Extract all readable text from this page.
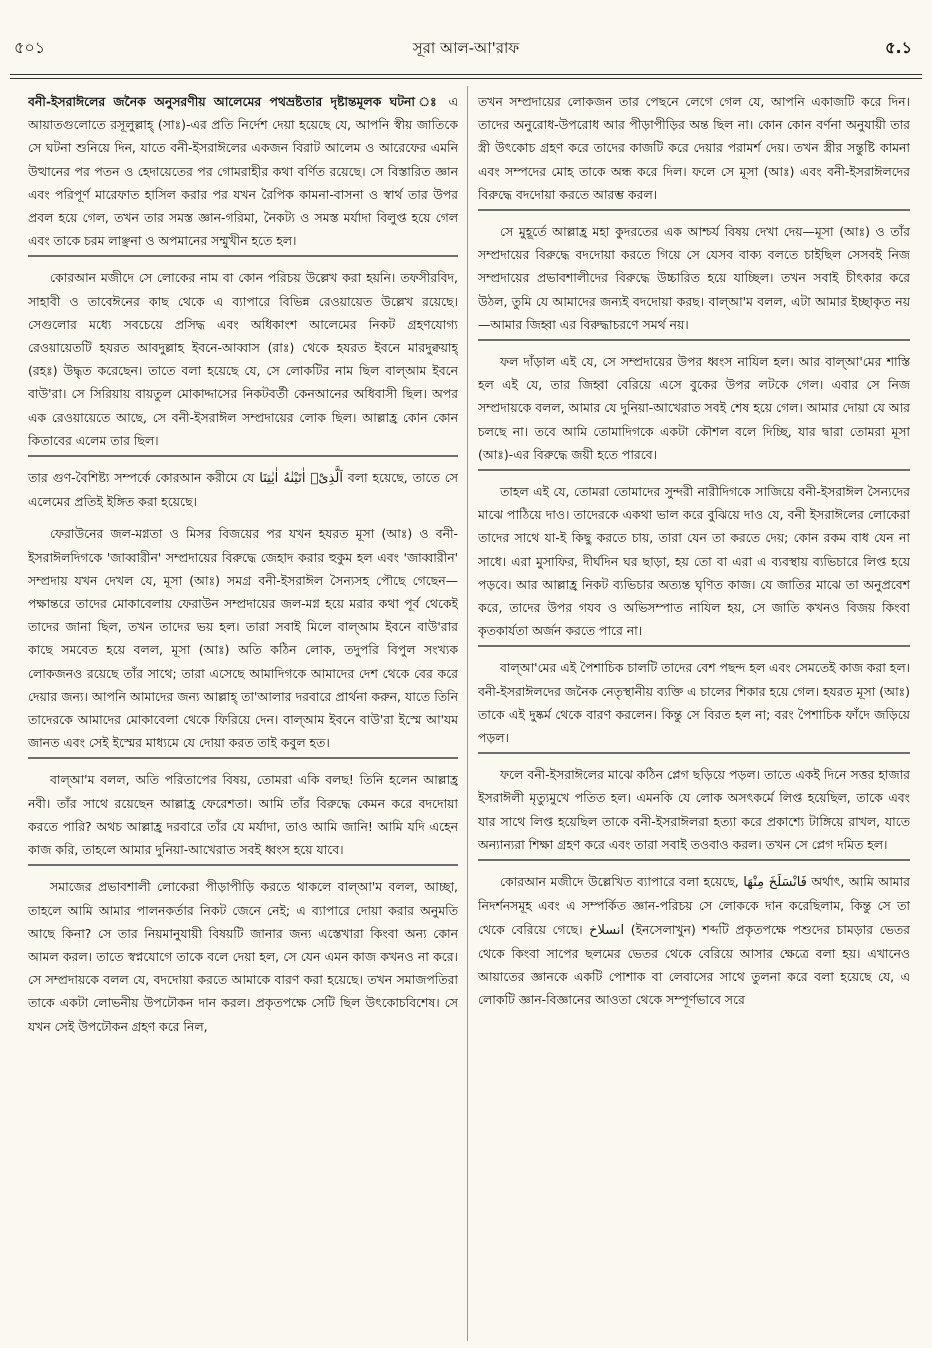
৫০১	সূরা আল-আ'রাফ	৫.১

বনী-ইসরাঈলের জনৈক অনুসরণীয় আলেমের পথভ্রষ্টতার দৃষ্টান্তমূলক ঘটনা ঃ এ আয়াতগুলোতে রসূলুল্লাহ্ (সাঃ)-এর প্রতি নির্দেশ দেয়া হয়েছে যে, আপনি স্বীয় জাতিকে সে ঘটনা শুনিয়ে দিন, যাতে বনী-ইসরাঈলের একজন বিরাট আলেম ও আরেফের এমনি উত্থানের পর পতন ও হেদায়েতের পর গোমরাহীর কথা বর্ণিত রয়েছে। সে বিস্তারিত জ্ঞান এবং পরিপূর্ণ মারেফাত হাসিল করার পর যখন রৈপিক কামনা-বাসনা ও স্বার্থ তার উপর প্রবল হয়ে গেল, তখন তার সমস্ত জ্ঞান-গরিমা, নৈকট্য ও সমস্ত মর্যাদা বিলুপ্ত হয়ে গেল এবং তাকে চরম লাঞ্ছনা ও অপমানের সম্মুখীন হতে হল।

কোরআন মজীদে সে লোকের নাম বা কোন পরিচয় উল্লেখ করা হয়নি। তফসীরবিদ, সাহাবী ও তাবেঈনের কাছ থেকে এ ব্যাপারে বিভিন্ন রেওয়ায়েত উল্লেখ রয়েছে। সেগুলোর মধ্যে সবচেয়ে প্রসিদ্ধ এবং অধিকাংশ আলেমের নিকট গ্রহণযোগ্য রেওয়ায়েতটি হযরত আবদুল্লাহ ইবনে-আব্বাস (রাঃ) থেকে হযরত ইবনে মারদুক্বয়াহ্ (রহঃ) উদ্ধৃত করেছেন। তাতে বলা হয়েছে যে, সে লোকটির নাম ছিল বাল্আম ইবনে বাউ'রা। সে সিরিয়ায় বায়তুল মোকাদ্দাসের নিকটবর্তী কেনআনের অধিবাসী ছিল। অপর এক রেওয়ায়েতে আছে, সে বনী-ইসরাঈল সম্প্রদায়ের লোক ছিল। আল্লাহ্র কোন কোন কিতাবের এলেম তার ছিল।

তার গুণ-বৈশিষ্ট্য সম্পর্কে কোরআন করীমে যে اَلَّذِیْۤ اٰتَیْنٰهُ اٰیٰتِنَا বলা হয়েছে, তাতে সে এলেমের প্রতিই ইঙ্গিত করা হয়েছে।

ফেরাউনের জল-মগ্নতা ও মিসর বিজয়ের পর যখন হযরত মূসা (আঃ) ও বনী-ইসরাঈলদিগকে 'জাব্বারীন' সম্প্রদায়ের বিরুদ্ধে জেহাদ করার হুকুম হল এবং 'জাব্বারীন' সম্প্রদায় যখন দেখল যে, মূসা (আঃ) সমগ্র বনী-ইসরাঈল সৈন্যসহ পৌছে গেছেন—পক্ষান্তরে তাদের মোকাবেলায় ফেরাউন সম্প্রদায়ের জল-মগ্ন হয়ে মরার কথা পূর্ব থেকেই তাদের জানা ছিল, তখন তাদের ভয় হল। তারা সবাই মিলে বাল্আম ইবনে বাউ'রার কাছে সমবেত হয়ে বলল, মূসা (আঃ) অতি কঠিন লোক, তদুপরি বিপুল সংখ্যক লোকজনও রয়েছে তাঁর সাথে; তারা এসেছে আমাদিগকে আমাদের দেশ থেকে বের করে দেয়ার জন্য। আপনি আমাদের জন্য আল্লাহ্ তা'আলার দরবারে প্রার্থনা করুন, যাতে তিনি তাদেরকে আমাদের মোকাবেলা থেকে ফিরিয়ে দেন। বাল্আম ইবনে বাউ'রা ইস্মে আ'যম জানত এবং সেই ইস্মের মাধ্যমে যে দোয়া করত তাই কবুল হত।

বাল্আ'ম বলল, অতি পরিতাপের বিষয়, তোমরা একি বলছ! তিনি হলেন আল্লাহ্র নবী। তাঁর সাথে রয়েছেন আল্লাহ্র ফেরেশতা। আমি তাঁর বিরুদ্ধে কেমন করে বদদোয়া করতে পারি? অথচ আল্লাহ্র দরবারে তাঁর যে মর্যাদা, তাও আমি জানি! আমি যদি এহেন কাজ করি, তাহলে আমার দুনিয়া-আখেরাত সবই ধ্বংস হয়ে যাবে।

সমাজের প্রভাবশালী লোকেরা পীড়াপীড়ি করতে থাকলে বাল্আ'ম বলল, আচ্ছা, তাহলে আমি আমার পালনকর্তার নিকট জেনে নেই; এ ব্যাপারে দোয়া করার অনুমতি আছে কিনা? সে তার নিয়মানুযায়ী বিষয়টি জানার জন্য এস্তেখারা কিংবা অন্য কোন আমল করল। তাতে স্বপ্নযোগে তাকে বলে দেয়া হল, সে যেন এমন কাজ কখনও না করে। সে সম্প্রদায়কে বলল যে, বদদোয়া করতে আমাকে বারণ করা হয়েছে। তখন সমাজপতিরা তাকে একটা লোভনীয় উপঢৌকন দান করল। প্রকৃতপক্ষে সেটি ছিল উৎকোচবিশেষ। সে যখন সেই উপঢৌকন গ্রহণ করে নিল,

তখন সম্প্রদায়ের লোকজন তার পেছনে লেগে গেল যে, আপনি একাজটি করে দিন। তাদের অনুরোধ-উপরোধ আর পীড়াপীড়ির অন্ত ছিল না। কোন কোন বর্ণনা অনুযায়ী তার স্ত্রী উৎকোচ গ্রহণ করে তাদের কাজটি করে দেয়ার পরামর্শ দেয়। তখন স্ত্রীর সন্তুষ্টি কামনা এবং সম্পদের মোহ তাকে অন্ধ করে দিল। ফলে সে মূসা (আঃ) এবং বনী-ইসরাঈলদের বিরুদ্ধে বদদোয়া করতে আরম্ভ করল।

সে মুহূর্তে আল্লাহ্র মহা কুদরতের এক আশ্চর্য বিষয় দেখা দেয়—মূসা (আঃ) ও তাঁর সম্প্রদায়ের বিরুদ্ধে বদদোয়া করতে গিয়ে সে যেসব বাক্য বলতে চাইছিল সেসবই নিজ সম্প্রদায়ের প্রভাবশালীদের বিরুদ্ধে উচ্চারিত হয়ে যাচ্ছিল। তখন সবাই চীৎকার করে উঠল, তুমি যে আমাদের জন্যই বদদোয়া করছ। বাল্আ'ম বলল, এটা আমার ইচ্ছাকৃত নয়—আমার জিহ্বা এর বিরুদ্ধাচরণে সমর্থ নয়।

ফল দাঁড়াল এই যে, সে সম্প্রদায়ের উপর ধ্বংস নাযিল হল। আর বাল্আ'মের শাস্তি হল এই যে, তার জিহ্বা বেরিয়ে এসে বুকের উপর লটকে গেল। এবার সে নিজ সম্প্রদায়কে বলল, আমার যে দুনিয়া-আখেরাত সবই শেষ হয়ে গেল। আমার দোয়া যে আর চলছে না। তবে আমি তোমাদিগকে একটা কৌশল বলে দিচ্ছি, যার দ্বারা তোমরা মূসা (আঃ)-এর বিরুদ্ধে জয়ী হতে পারবে।

তাহল এই যে, তোমরা তোমাদের সুন্দরী নারীদিগকে সাজিয়ে বনী-ইসরাঈল সৈন্যদের মাঝে পাঠিয়ে দাও। তাদেরকে একথা ভাল করে বুঝিয়ে দাও যে, বনী ইসরাঈলের লোকেরা তাদের সাথে যা-ই কিছু করতে চায়, তারা যেন তা করতে দেয়; কোন রকম বাধ যেন না সাধে। এরা মুসাফির, দীর্ঘদিন ঘর ছাড়া, হয় তো বা এরা এ ব্যবস্থায় ব্যভিচারে লিপ্ত হয়ে পড়বে। আর আল্লাহ্র নিকট ব্যভিচার অত্যন্ত ঘৃণিত কাজ। যে জাতির মাঝে তা অনুপ্রবেশ করে, তাদের উপর গযব ও অভিসম্পাত নাযিল হয়, সে জাতি কখনও বিজয় কিংবা কৃতকার্যতা অর্জন করতে পারে না।

বাল্আ'মের এই পৈশাচিক চালটি তাদের বেশ পছন্দ হল এবং সেমতেই কাজ করা হল। বনী-ইসরাঈলদের জনৈক নেতৃস্থানীয় ব্যক্তি এ চালের শিকার হয়ে গেল। হযরত মূসা (আঃ) তাকে এই দুষ্কর্ম থেকে বারণ করলেন। কিন্তু সে বিরত হল না; বরং পৈশাচিক ফাঁদে জড়িয়ে পড়ল।

ফলে বনী-ইসরাঈলের মাঝে কঠিন প্লেগ ছড়িয়ে পড়ল। তাতে একই দিনে সত্তর হাজার ইসরাঈলী মৃত্যুমুখে পতিত হল। এমনকি যে লোক অসৎকর্মে লিপ্ত হয়েছিল, তাকে এবং যার সাথে লিপ্ত হয়েছিল তাকে বনী-ইসরাঈলরা হত্যা করে প্রকাশ্যে টাঙ্গিয়ে রাখল, যাতে অন্যান্যরা শিক্ষা গ্রহণ করে এবং তারা সবাই তওবাও করল। তখন সে প্লেগ দমিত হল।

কোরআন মজীদে উল্লেখিত ব্যাপারে বলা হয়েছে, فَانْسَلَخَ مِنْهَا অর্থাৎ, আমি আমার নিদর্শনসমূহ এবং এ সম্পর্কিত জ্ঞান-পরিচয় সে লোককে দান করেছিলাম, কিন্তু সে তা থেকে বেরিয়ে গেছে। انسلاخ (ইনসেলাখুন) শব্দটি প্রকৃতপক্ষে পশুদের চামড়ার ভেতর থেকে কিংবা সাপের ছলমের ভেতর থেকে বেরিয়ে আসার ক্ষেত্রে বলা হয়। এখানেও আয়াতের জ্ঞানকে একটি পোশাক বা লেবাসের সাথে তুলনা করে বলা হয়েছে যে, এ লোকটি জ্ঞান-বিজ্ঞানের আওতা থেকে সম্পূর্ণভাবে সরে
